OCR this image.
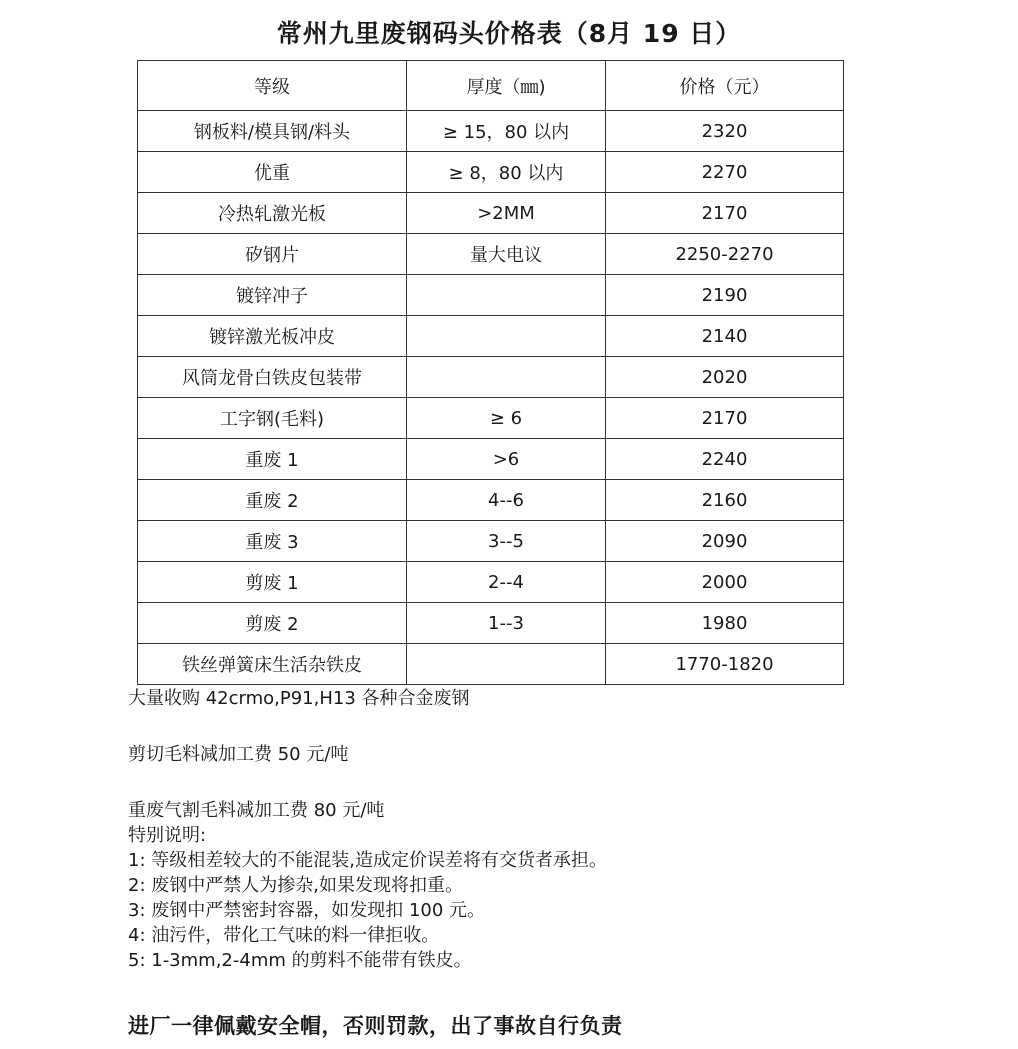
常州九里废钢码头价格表（8月 19 日）
等级	厚度（㎜)	价格（元）
钢板料/模具钢/料头	≥ 15，80 以内	2320
优重	≥ 8，80 以内	2270
冷热轧激光板	>2MM	2170
矽钢片	量大电议	2250-2270
镀锌冲子		2190
镀锌激光板冲皮		2140
风筒龙骨白铁皮包装带		2020
工字钢(毛料)	≥ 6	2170
重废 1	>6	2240
重废 2	4--6	2160
重废 3	3--5	2090
剪废 1	2--4	2000
剪废 2	1--3	1980
铁丝弹簧床生活杂铁皮		1770-1820
大量收购 42crmo,P91,H13 各种合金废钢
剪切毛料减加工费 50 元/吨
重废气割毛料减加工费 80 元/吨
特别说明:
1: 等级相差较大的不能混装,造成定价误差将有交货者承担。
2: 废钢中严禁人为掺杂,如果发现将扣重。
3: 废钢中严禁密封容器，如发现扣 100 元。
4: 油污件，带化工气味的料一律拒收。
5: 1-3mm,2-4mm 的剪料不能带有铁皮。
进厂一律佩戴安全帽，否则罚款，出了事故自行负责
